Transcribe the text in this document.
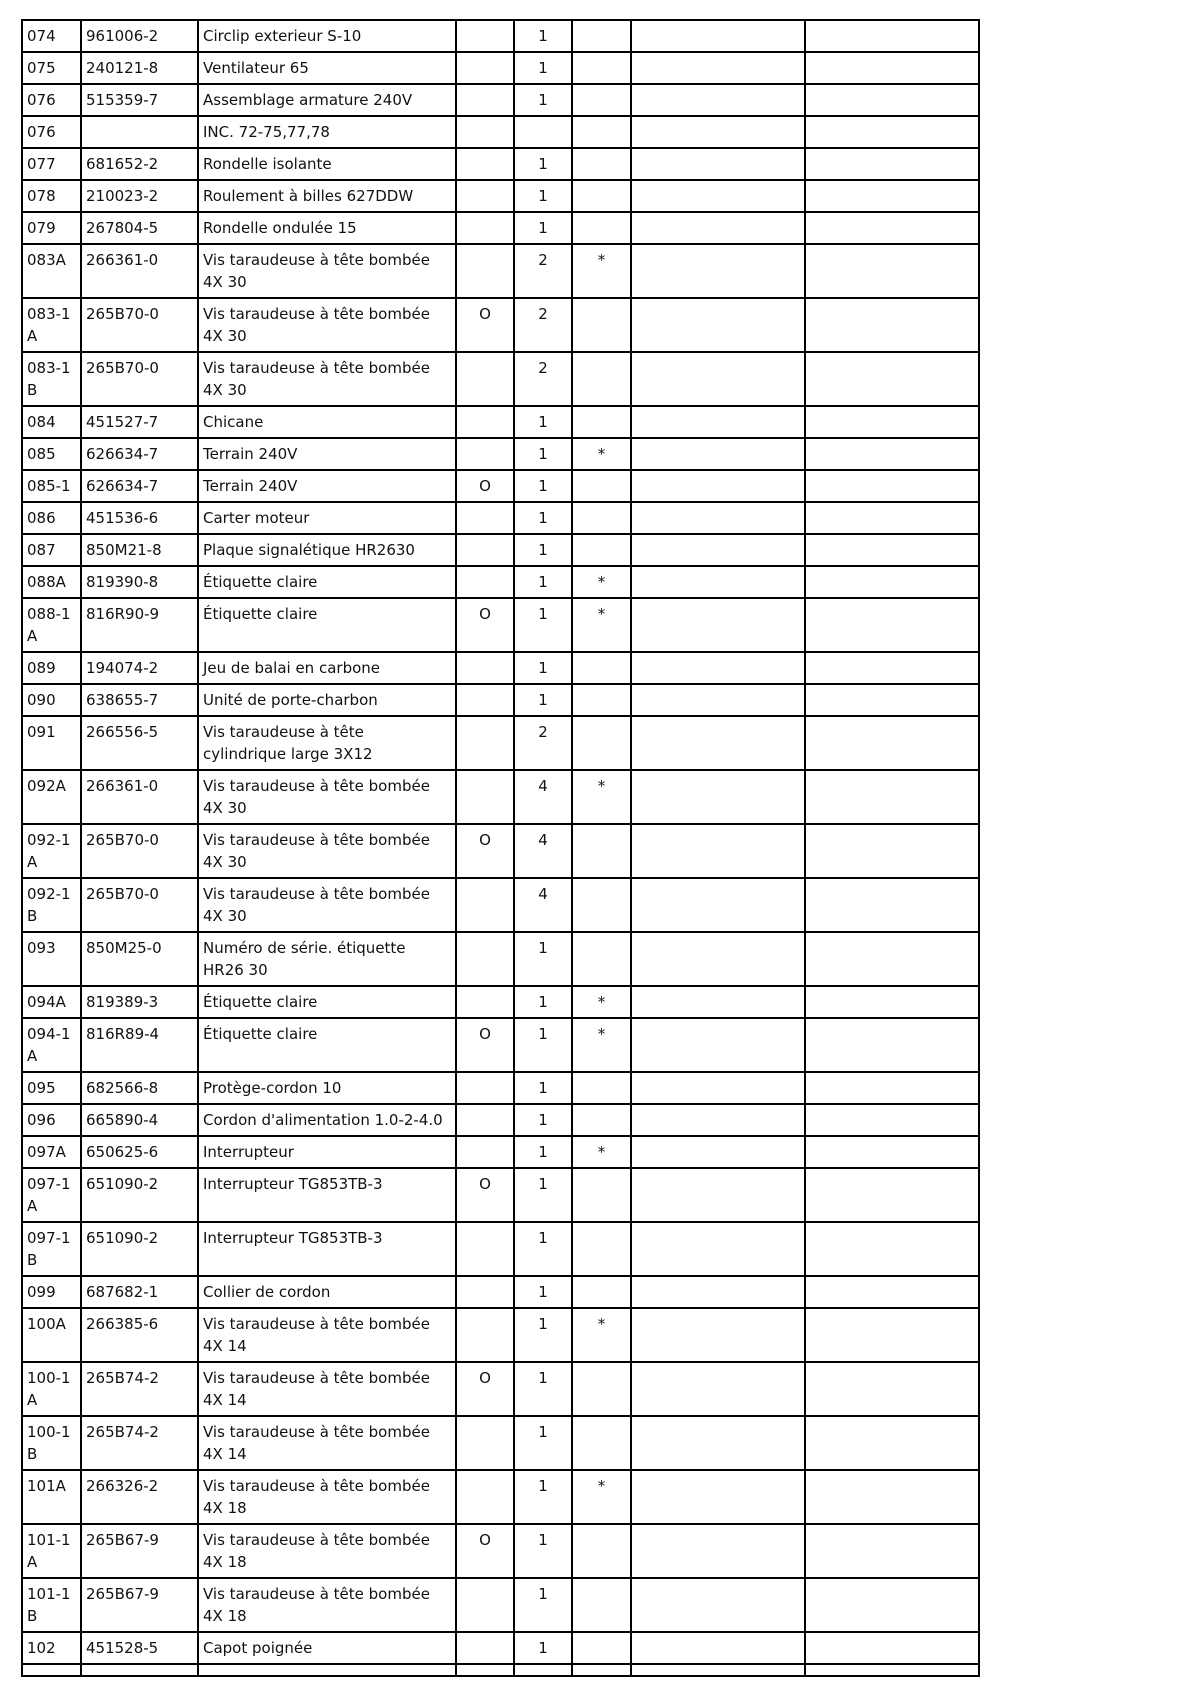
074	961006-2	Circlip exterieur S-10		1			
075	240121-8	Ventilateur 65		1			
076	515359-7	Assemblage armature 240V		1			
076		INC. 72-75,77,78					
077	681652-2	Rondelle isolante		1			
078	210023-2	Roulement à billes 627DDW		1			
079	267804-5	Rondelle ondulée 15		1			
083A	266361-0	Vis taraudeuse à tête bombée 4X 30		2	*		
083-1 A	265B70-0	Vis taraudeuse à tête bombée 4X 30	O	2			
083-1 B	265B70-0	Vis taraudeuse à tête bombée 4X 30		2			
084	451527-7	Chicane		1			
085	626634-7	Terrain 240V		1	*		
085-1	626634-7	Terrain 240V	O	1			
086	451536-6	Carter moteur		1			
087	850M21-8	Plaque signalétique HR2630		1			
088A	819390-8	Étiquette claire		1	*		
088-1 A	816R90-9	Étiquette claire	O	1	*		
089	194074-2	Jeu de balai en carbone		1			
090	638655-7	Unité de porte-charbon		1			
091	266556-5	Vis taraudeuse à tête cylindrique large 3X12		2			
092A	266361-0	Vis taraudeuse à tête bombée 4X 30		4	*		
092-1 A	265B70-0	Vis taraudeuse à tête bombée 4X 30	O	4			
092-1 B	265B70-0	Vis taraudeuse à tête bombée 4X 30		4			
093	850M25-0	Numéro de série. étiquette HR26 30		1			
094A	819389-3	Étiquette claire		1	*		
094-1 A	816R89-4	Étiquette claire	O	1	*		
095	682566-8	Protège-cordon 10		1			
096	665890-4	Cordon d'alimentation 1.0-2-4.0		1			
097A	650625-6	Interrupteur		1	*		
097-1 A	651090-2	Interrupteur TG853TB-3	O	1			
097-1 B	651090-2	Interrupteur TG853TB-3		1			
099	687682-1	Collier de cordon		1			
100A	266385-6	Vis taraudeuse à tête bombée 4X 14		1	*		
100-1 A	265B74-2	Vis taraudeuse à tête bombée 4X 14	O	1			
100-1 B	265B74-2	Vis taraudeuse à tête bombée 4X 14		1			
101A	266326-2	Vis taraudeuse à tête bombée 4X 18		1	*		
101-1 A	265B67-9	Vis taraudeuse à tête bombée 4X 18	O	1			
101-1 B	265B67-9	Vis taraudeuse à tête bombée 4X 18		1			
102	451528-5	Capot poignée		1			
